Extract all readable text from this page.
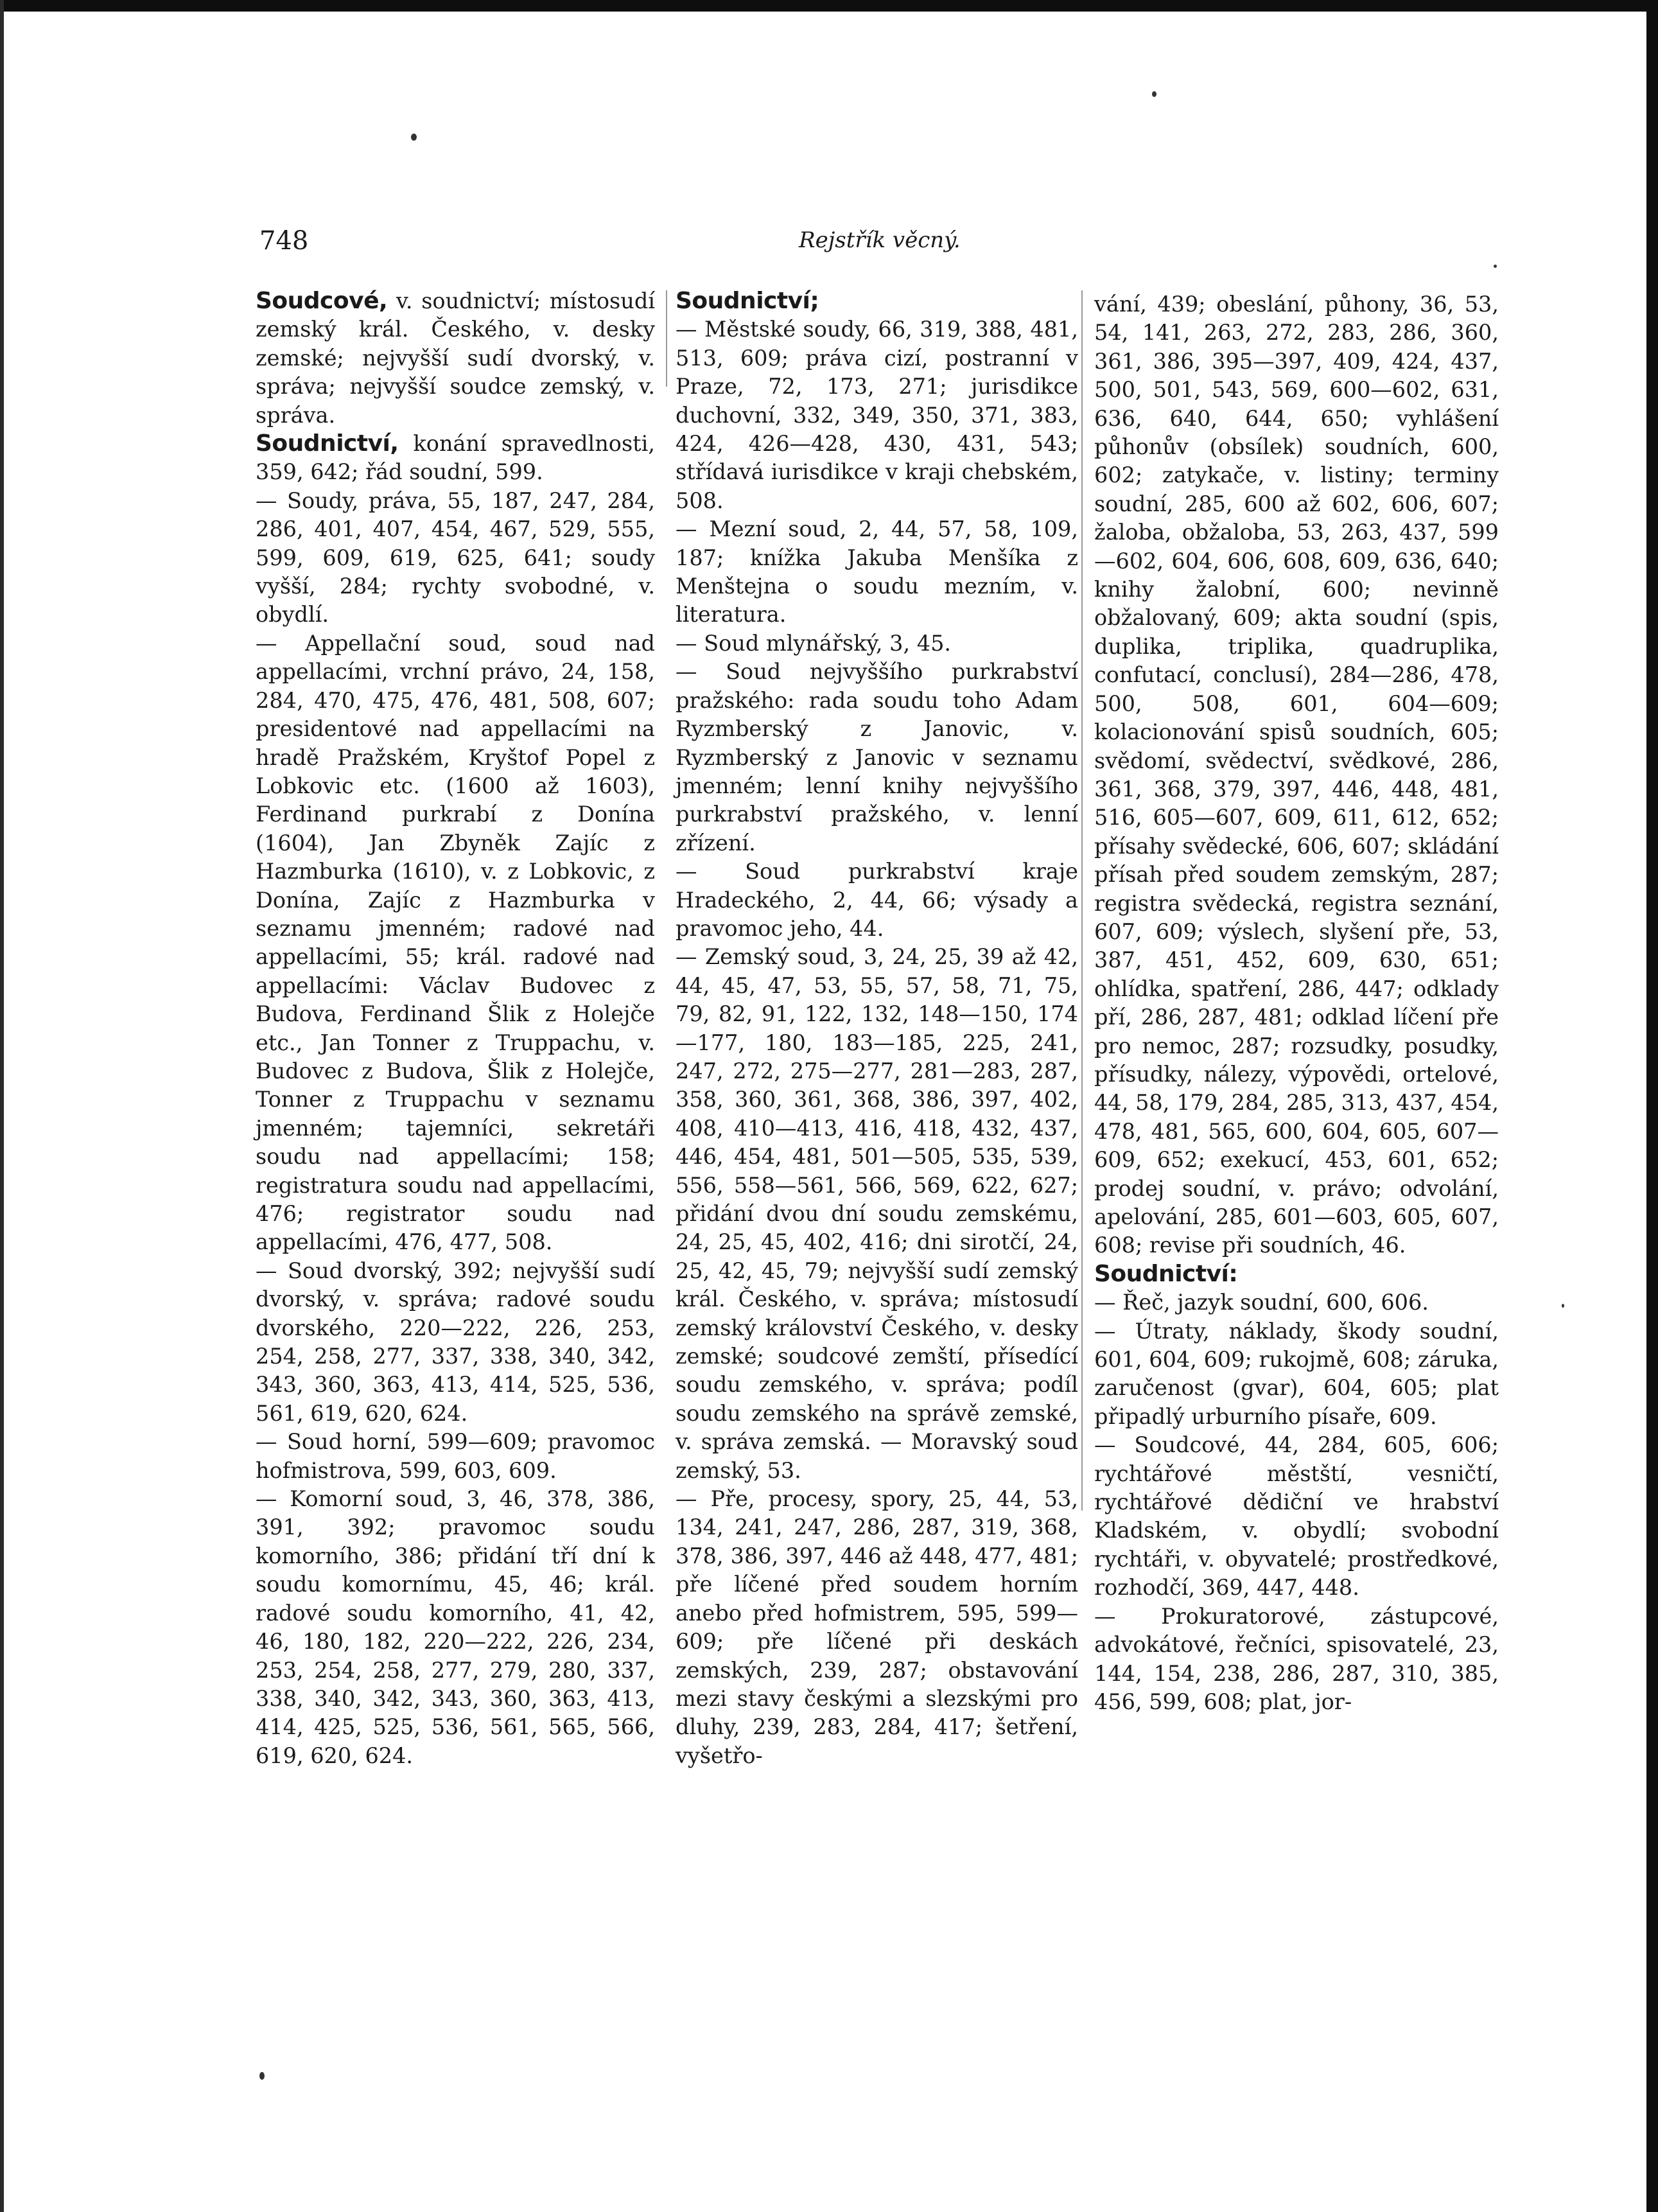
748	Rejstřík věcný.

Soudcové, v. soudnictví; místosudí zemský král. Českého, v. desky zemské; nejvyšší sudí dvorský, v. správa; nejvyšší soudce zemský, v. správa.

Soudnictví, konání spravedlnosti, 359, 642; řád soudní, 599.

— Soudy, práva, 55, 187, 247, 284, 286, 401, 407, 454, 467, 529, 555, 599, 609, 619, 625, 641; soudy vyšší, 284; rychty svobodné, v. obydlí.

— Appellační soud, soud nad appellacími, vrchní právo, 24, 158, 284, 470, 475, 476, 481, 508, 607; presidentové nad appellacími na hradě Pražském, Kryštof Popel z Lobkovic etc. (1600 až 1603), Ferdinand purkrabí z Donína (1604), Jan Zbyněk Zajíc z Hazmburka (1610), v. z Lobkovic, z Donína, Zajíc z Hazmburka v seznamu jmenném; radové nad appellacími, 55; král. radové nad appellacími: Václav Budovec z Budova, Ferdinand Šlik z Holejče etc., Jan Tonner z Truppachu, v. Budovec z Budova, Šlik z Holejče, Tonner z Truppachu v seznamu jmenném; tajemníci, sekretáři soudu nad appellacími; 158; registratura soudu nad appellacími, 476; registrator soudu nad appellacími, 476, 477, 508.

— Soud dvorský, 392; nejvyšší sudí dvorský, v. správa; radové soudu dvorského, 220—222, 226, 253, 254, 258, 277, 337, 338, 340, 342, 343, 360, 363, 413, 414, 525, 536, 561, 619, 620, 624.

— Soud horní, 599—609; pravomoc hofmistrova, 599, 603, 609.

— Komorní soud, 3, 46, 378, 386, 391, 392; pravomoc soudu komorního, 386; přidání tří dní k soudu komornímu, 45, 46; král. radové soudu komorního, 41, 42, 46, 180, 182, 220—222, 226, 234, 253, 254, 258, 277, 279, 280, 337, 338, 340, 342, 343, 360, 363, 413, 414, 425, 525, 536, 561, 565, 566, 619, 620, 624.

Soudnictví;

— Městské soudy, 66, 319, 388, 481, 513, 609; práva cizí, postranní v Praze, 72, 173, 271; jurisdikce duchovní, 332, 349, 350, 371, 383, 424, 426—428, 430, 431, 543; střídavá iurisdikce v kraji chebském, 508.

— Mezní soud, 2, 44, 57, 58, 109, 187; knížka Jakuba Menšíka z Menštejna o soudu mezním, v. literatura.

— Soud mlynářský, 3, 45.

— Soud nejvyššího purkrabství pražského: rada soudu toho Adam Ryzmberský z Janovic, v. Ryzmberský z Janovic v seznamu jmenném; lenní knihy nejvyššího purkrabství pražského, v. lenní zřízení.

— Soud purkrabství kraje Hradeckého, 2, 44, 66; výsady a pravomoc jeho, 44.

— Zemský soud, 3, 24, 25, 39 až 42, 44, 45, 47, 53, 55, 57, 58, 71, 75, 79, 82, 91, 122, 132, 148—150, 174—177, 180, 183—185, 225, 241, 247, 272, 275—277, 281—283, 287, 358, 360, 361, 368, 386, 397, 402, 408, 410—413, 416, 418, 432, 437, 446, 454, 481, 501—505, 535, 539, 556, 558—561, 566, 569, 622, 627; přidání dvou dní soudu zemskému, 24, 25, 45, 402, 416; dni sirotčí, 24, 25, 42, 45, 79; nejvyšší sudí zemský král. Českého, v. správa; místosudí zemský království Českého, v. desky zemské; soudcové zemští, přísedící soudu zemského, v. správa; podíl soudu zemského na správě zemské, v. správa zemská. — Moravský soud zemský, 53.

— Pře, procesy, spory, 25, 44, 53, 134, 241, 247, 286, 287, 319, 368, 378, 386, 397, 446 až 448, 477, 481; pře líčené před soudem horním anebo před hofmistrem, 595, 599—609; pře líčené při deskách zemských, 239, 287; obstavování mezi stavy českými a slezskými pro dluhy, 239, 283, 284, 417; šetření, vyšetřo-

vání, 439; obeslání, půhony, 36, 53, 54, 141, 263, 272, 283, 286, 360, 361, 386, 395—397, 409, 424, 437, 500, 501, 543, 569, 600—602, 631, 636, 640, 644, 650; vyhlášení půhonův (obsílek) soudních, 600, 602; zatykače, v. listiny; terminy soudní, 285, 600 až 602, 606, 607; žaloba, obžaloba, 53, 263, 437, 599—602, 604, 606, 608, 609, 636, 640; knihy žalobní, 600; nevinně obžalovaný, 609; akta soudní (spis, duplika, triplika, quadruplika, confutací, conclusí), 284—286, 478, 500, 508, 601, 604—609; kolacionování spisů soudních, 605; svědomí, svědectví, svědkové, 286, 361, 368, 379, 397, 446, 448, 481, 516, 605—607, 609, 611, 612, 652; přísahy svědecké, 606, 607; skládání přísah před soudem zemským, 287; registra svědecká, registra seznání, 607, 609; výslech, slyšení pře, 53, 387, 451, 452, 609, 630, 651; ohlídka, spatření, 286, 447; odklady pří, 286, 287, 481; odklad líčení pře pro nemoc, 287; rozsudky, posudky, přísudky, nálezy, výpovědi, ortelové, 44, 58, 179, 284, 285, 313, 437, 454, 478, 481, 565, 600, 604, 605, 607—609, 652; exekucí, 453, 601, 652; prodej soudní, v. právo; odvolání, apelování, 285, 601—603, 605, 607, 608; revise při soudních, 46.

Soudnictví:

— Řeč, jazyk soudní, 600, 606.

— Útraty, náklady, škody soudní, 601, 604, 609; rukojmě, 608; záruka, zaručenost (gvar), 604, 605; plat připadlý urburního písaře, 609.

— Soudcové, 44, 284, 605, 606; rychtářové městští, vesničtí, rychtářové dědiční ve hrabství Kladském, v. obydlí; svobodní rychtáři, v. obyvatelé; prostředkové, rozhodčí, 369, 447, 448.

— Prokuratorové, zástupcové, advokátové, řečníci, spisovatelé, 23, 144, 154, 238, 286, 287, 310, 385, 456, 599, 608; plat, jor-
